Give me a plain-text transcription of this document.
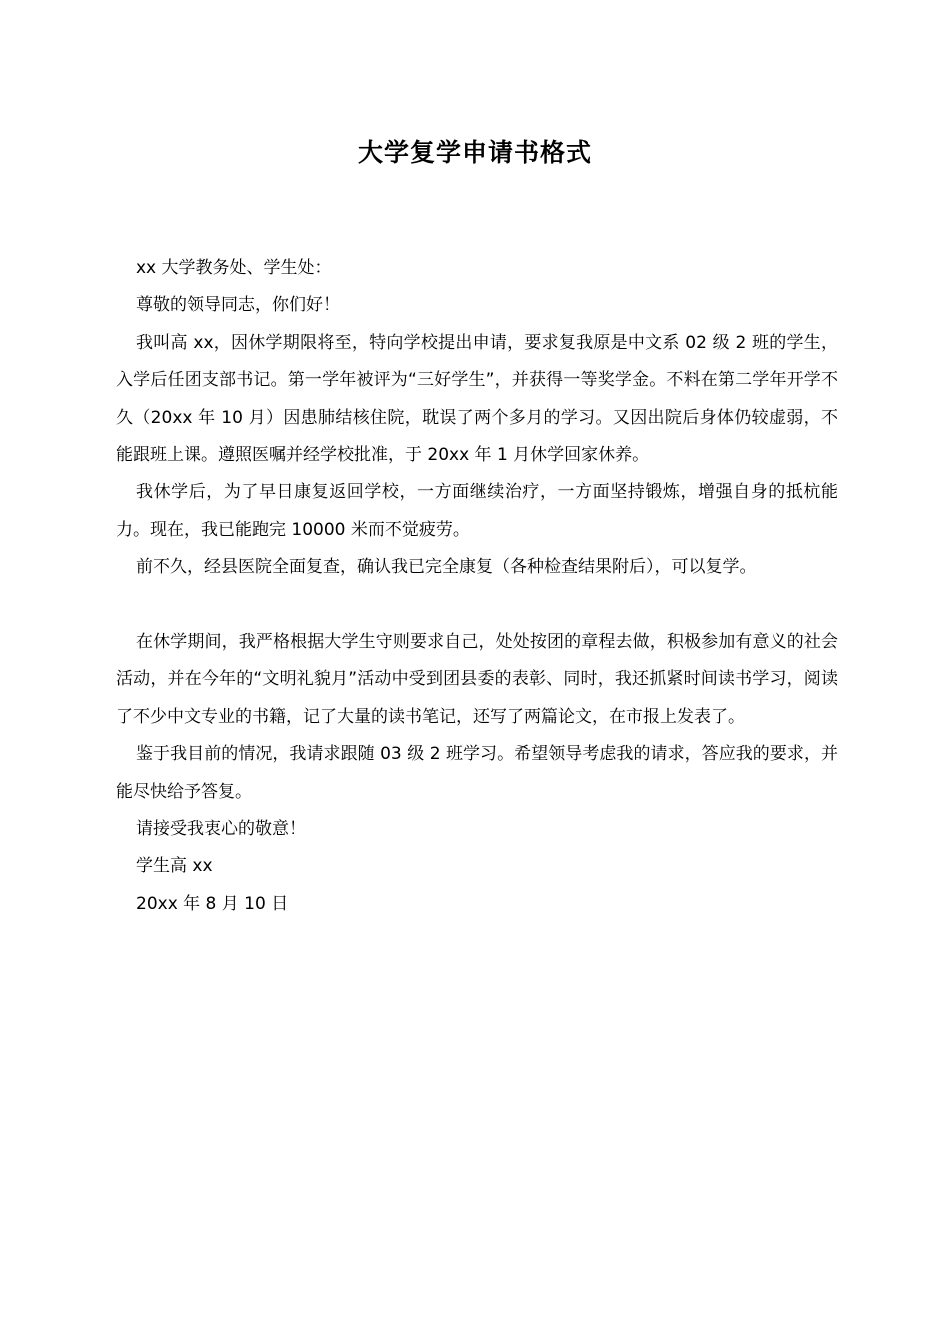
大学复学申请书格式

xx 大学教务处、学生处：

尊敬的领导同志，你们好！

我叫高 xx，因休学期限将至，特向学校提出申请，要求复我原是中文系 02 级 2 班的学生，入学后任团支部书记。第一学年被评为“三好学生”，并获得一等奖学金。不料在第二学年开学不久（20xx 年 10 月）因患肺结核住院，耽误了两个多月的学习。又因出院后身体仍较虚弱，不能跟班上课。遵照医嘱并经学校批准，于 20xx 年 1 月休学回家休养。

我休学后，为了早日康复返回学校，一方面继续治疗，一方面坚持锻炼，增强自身的抵杭能力。现在，我已能跑完 10000 米而不觉疲劳。

前不久，经县医院全面复查，确认我已完全康复（各种检查结果附后），可以复学。

在休学期间，我严格根据大学生守则要求自己，处处按团的章程去做，积极参加有意义的社会活动，并在今年的“文明礼貌月”活动中受到团县委的表彰、同时，我还抓紧时间读书学习，阅读了不少中文专业的书籍，记了大量的读书笔记，还写了两篇论文，在市报上发表了。

鉴于我目前的情况，我请求跟随 03 级 2 班学习。希望领导考虑我的请求，答应我的要求，并能尽快给予答复。

请接受我衷心的敬意！

学生高 xx

20xx 年 8 月 10 日
